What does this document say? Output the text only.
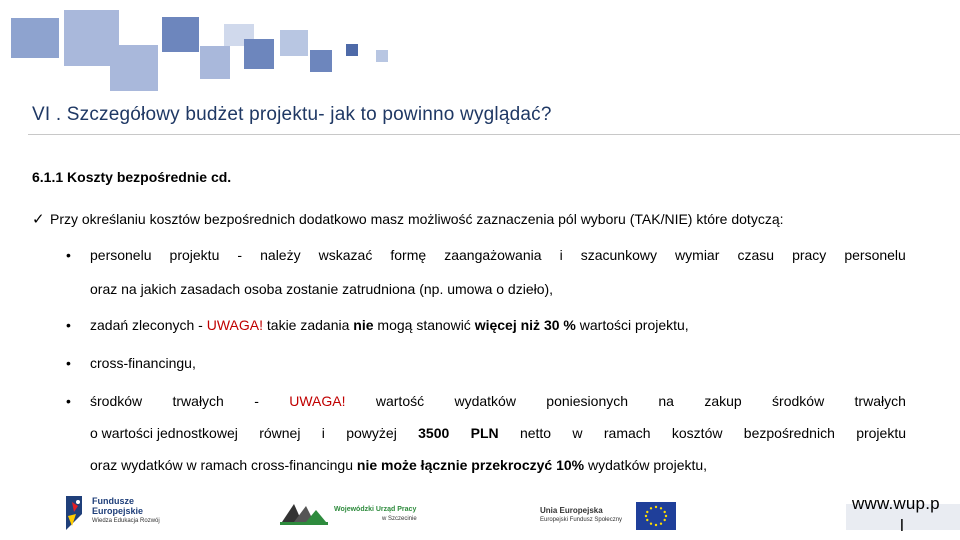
VI . Szczegółowy budżet projektu- jak to powinno wyglądać?
6.1.1 Koszty bezpośrednie cd.
✓ Przy określaniu kosztów bezpośrednich dodatkowo masz możliwość zaznaczenia pól wyboru (TAK/NIE) które dotyczą:
• personelu projektu - należy wskazać formę zaangażowania i szacunkowy wymiar czasu pracy personelu
oraz na jakich zasadach osoba zostanie zatrudniona (np. umowa o dzieło),
• zadań zleconych - UWAGA! takie zadania nie mogą stanowić więcej niż 30 % wartości projektu,
• cross-financingu,
• środków trwałych - UWAGA! wartość wydatków poniesionych na zakup środków trwałych
o wartości jednostkowej równej i powyżej 3500 PLN netto w ramach kosztów bezpośrednich projektu
oraz wydatków w ramach cross-financingu nie może łącznie przekroczyć 10% wydatków projektu,
Fundusze
Europejskie
Wiedza Edukacja Rozwój
Wojewódzki Urząd Pracy
w Szczecinie
Unia Europejska
Europejski Fundusz Społeczny
www.wup.p
l
